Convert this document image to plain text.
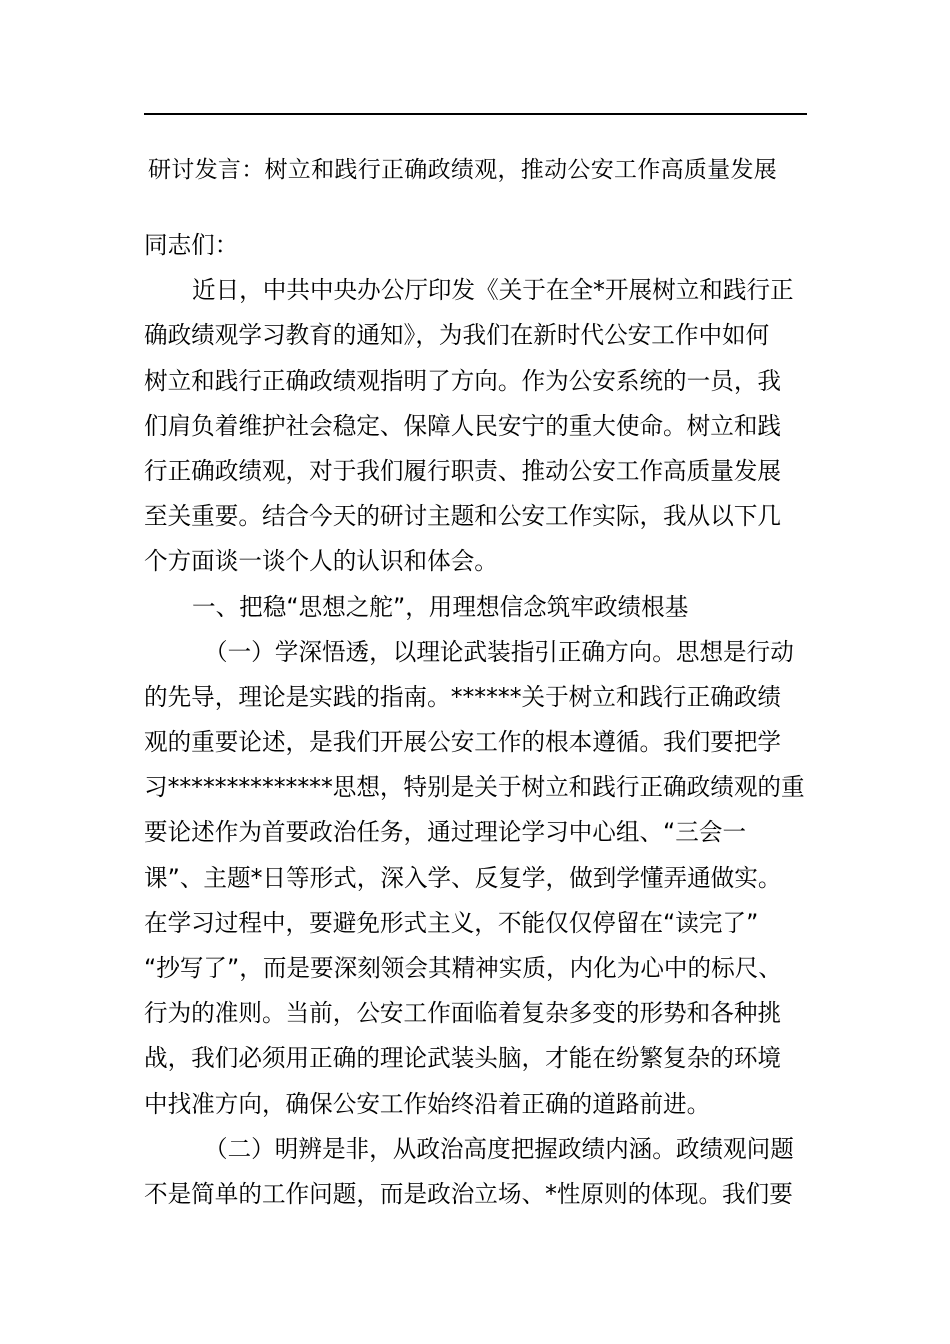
研讨发言：树立和践行正确政绩观，推动公安工作高质量发展
同志们：
近日，中共中央办公厅印发《关于在全*开展树立和践行正
确政绩观学习教育的通知》，为我们在新时代公安工作中如何
树立和践行正确政绩观指明了方向。作为公安系统的一员，我
们肩负着维护社会稳定、保障人民安宁的重大使命。树立和践
行正确政绩观，对于我们履行职责、推动公安工作高质量发展
至关重要。结合今天的研讨主题和公安工作实际，我从以下几
个方面谈一谈个人的认识和体会。
一、把稳“思想之舵”，用理想信念筑牢政绩根基
（一）学深悟透，以理论武装指引正确方向。思想是行动
的先导，理论是实践的指南。******关于树立和践行正确政绩
观的重要论述，是我们开展公安工作的根本遵循。我们要把学
习**************思想，特别是关于树立和践行正确政绩观的重
要论述作为首要政治任务，通过理论学习中心组、“三会一
课”、主题*日等形式，深入学、反复学，做到学懂弄通做实。
在学习过程中，要避免形式主义，不能仅仅停留在“读完了”
“抄写了”，而是要深刻领会其精神实质，内化为心中的标尺、
行为的准则。当前，公安工作面临着复杂多变的形势和各种挑
战，我们必须用正确的理论武装头脑，才能在纷繁复杂的环境
中找准方向，确保公安工作始终沿着正确的道路前进。
（二）明辨是非，从政治高度把握政绩内涵。政绩观问题
不是简单的工作问题，而是政治立场、*性原则的体现。我们要
